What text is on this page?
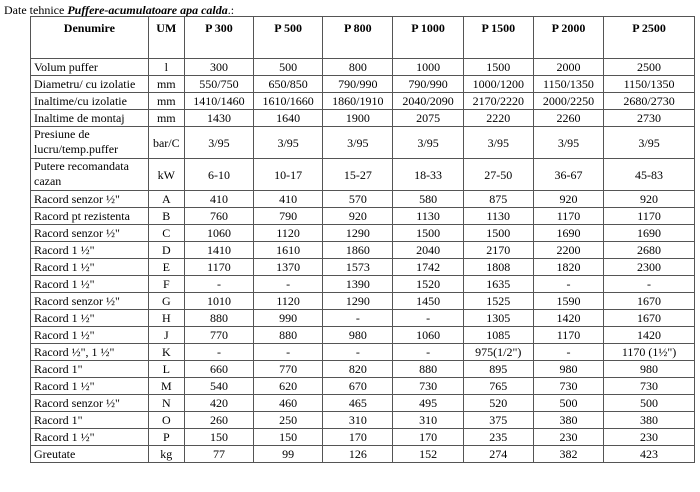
Date tehnice Puffere-acumulatoare apa calda.:
Denumire	UM	P 300	P 500	P 800	P 1000	P 1500	P 2000	P 2500
Volum puffer	l	300	500	800	1000	1500	2000	2500
Diametru/ cu izolatie	mm	550/750	650/850	790/990	790/990	1000/1200	1150/1350	1150/1350
Inaltime/cu izolatie	mm	1410/1460	1610/1660	1860/1910	2040/2090	2170/2220	2000/2250	2680/2730
Inaltime de montaj	mm	1430	1640	1900	2075	2220	2260	2730
Presiune de lucru/temp.puffer	bar/C	3/95	3/95	3/95	3/95	3/95	3/95	3/95
Putere recomandata cazan	kW	6-10	10-17	15-27	18-33	27-50	36-67	45-83
Racord senzor ½"	A	410	410	570	580	875	920	920
Racord pt rezistenta	B	760	790	920	1130	1130	1170	1170
Racord senzor ½"	C	1060	1120	1290	1500	1500	1690	1690
Racord 1 ½"	D	1410	1610	1860	2040	2170	2200	2680
Racord 1 ½"	E	1170	1370	1573	1742	1808	1820	2300
Racord 1 ½"	F	-	-	1390	1520	1635	-	-
Racord senzor ½"	G	1010	1120	1290	1450	1525	1590	1670
Racord 1 ½"	H	880	990	-	-	1305	1420	1670
Racord 1 ½"	J	770	880	980	1060	1085	1170	1420
Racord ½", 1 ½"	K	-	-	-	-	975(1/2")	-	1170 (1½")
Racord 1"	L	660	770	820	880	895	980	980
Racord 1 ½"	M	540	620	670	730	765	730	730
Racord senzor ½"	N	420	460	465	495	520	500	500
Racord 1"	O	260	250	310	310	375	380	380
Racord 1 ½"	P	150	150	170	170	235	230	230
Greutate	kg	77	99	126	152	274	382	423
